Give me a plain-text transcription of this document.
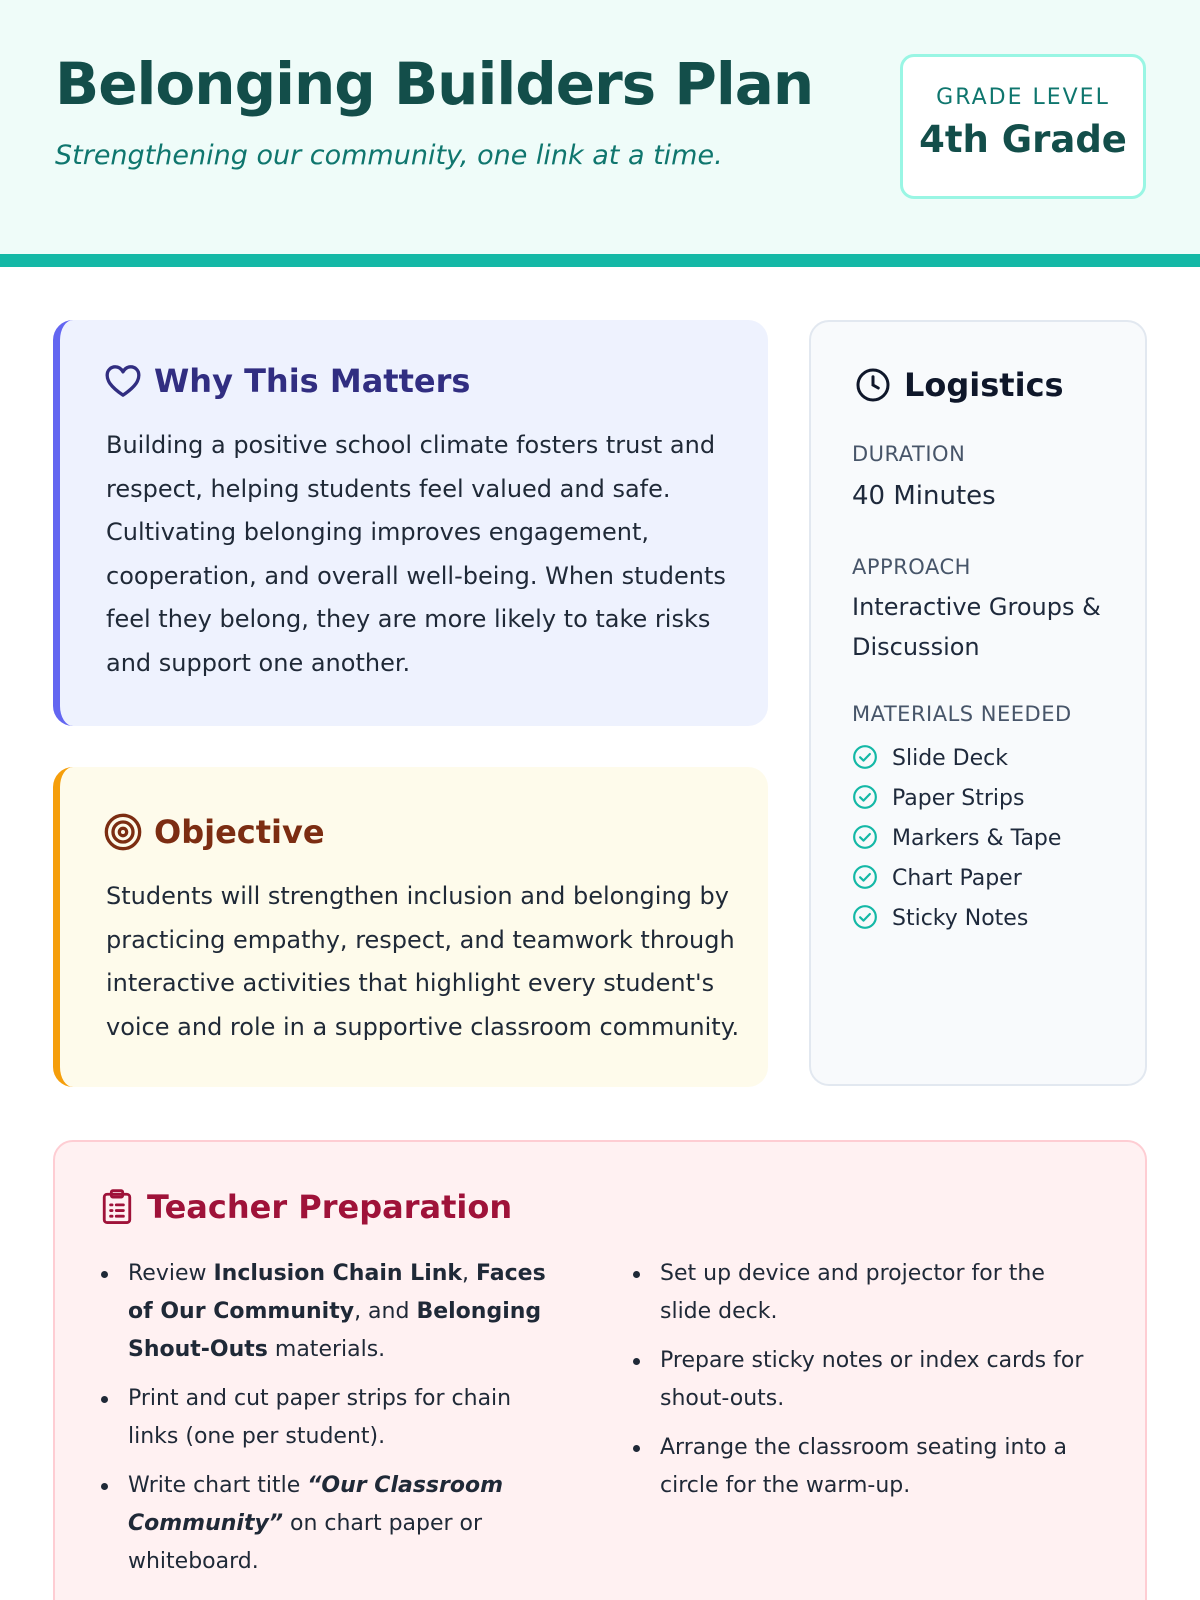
Belonging Builders Plan

Strengthening our community, one link at a time.

GRADE LEVEL
4th Grade
Why This Matters

Building a positive school climate fosters trust and respect, helping students feel valued and safe. Cultivating belonging improves engagement, cooperation, and overall well-being. When students feel they belong, they are more likely to take risks and support one another.

Objective

Students will strengthen inclusion and belonging by practicing empathy, respect, and teamwork through interactive activities that highlight every student's voice and role in a supportive classroom community.

Logistics
DURATION
40 Minutes
APPROACH
Interactive Groups & Discussion
MATERIALS NEEDED
Slide Deck
Paper Strips
Markers & Tape
Chart Paper
Sticky Notes
Teacher Preparation
Review Inclusion Chain Link, Faces of Our Community, and Belonging Shout-Outs materials.
Print and cut paper strips for chain links (one per student).
Write chart title “Our Classroom Community” on chart paper or whiteboard.
Set up device and projector for the slide deck.
Prepare sticky notes or index cards for shout-outs.
Arrange the classroom seating into a circle for the warm-up.
